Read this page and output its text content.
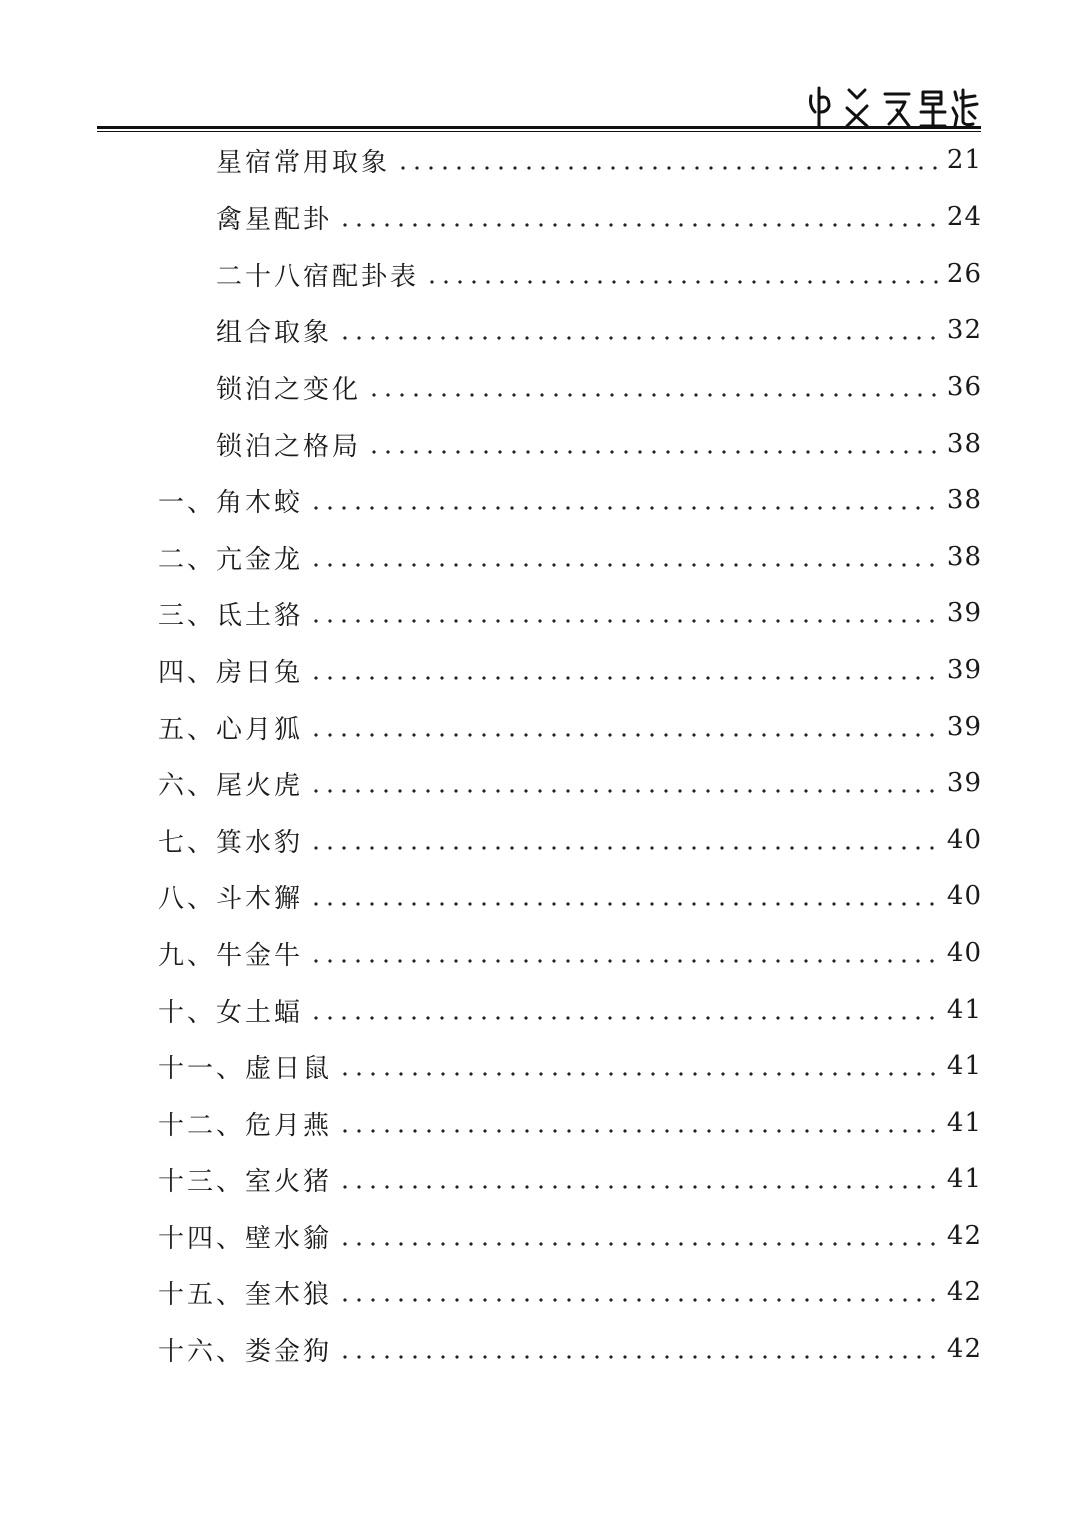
星宿常用取象	21
禽星配卦	24
二十八宿配卦表	26
组合取象	32
锁泊之变化	36
锁泊之格局	38
一、角木蛟	38
二、亢金龙	38
三、氐土貉	39
四、房日兔	39
五、心月狐	39
六、尾火虎	39
七、箕水豹	40
八、斗木獬	40
九、牛金牛	40
十、女土蝠	41
十一、虚日鼠	41
十二、危月燕	41
十三、室火猪	41
十四、壁水貐	42
十五、奎木狼	42
十六、娄金狗	42
